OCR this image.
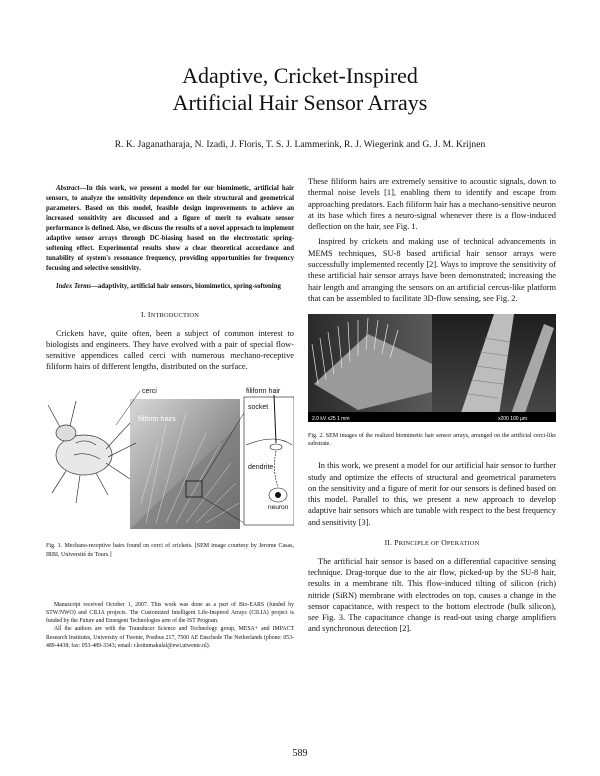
Adaptive, Cricket-Inspired
Artificial Hair Sensor Arrays
R. K. Jaganatharaja, N. Izadi, J. Floris, T. S. J. Lammerink, R. J. Wiegerink and G. J. M. Krijnen

Abstract—In this work, we present a model for our biomimetic, artificial hair sensors, to analyze the sensitivity dependence on their structural and geometrical parameters. Based on this model, feasible design improvements to achieve an increased sensitivity are discussed and a figure of merit to evaluate sensor performance is defined. Also, we discuss the results of a novel approach to implement adaptive sensor arrays through DC-biasing based on the electrostatic spring-softening effect. Experimental results show a clear theoretical accordance and tunability of system's resonance frequency, providing opportunities for frequency focusing and selective sensitivity.

Index Terms—adaptivity, artificial hair sensors, biomimetics, spring-softening

I. INTRODUCTION

Crickets have, quite often, been a subject of common interest to biologists and engineers. They have evolved with a pair of special flow-sensitive appendices called cerci with numerous mechano-receptive filiform hairs of different lengths, distributed on the surface.

cerci
filiform hairs
filiform hair
socket
dendrite
neuron

Fig. 1. Mechano-receptive hairs found on cerci of crickets. [SEM image courtesy by Jerome Casas, IRBI, Université de Tours.]

Manuscript received October 1, 2007. This work was done as a part of Bio-EARS (funded by STW/NWO) and CILIA projects. The Customized Intelligent Life-Inspired Arrays (CILIA) project is funded by the Future and Emergent Technologies arm of the IST Program.

All the authors are with the Transducer Science and Technology group, MESA+ and IMPACT Research Institutes, University of Twente, Postbus 217, 7500 AE Enschede The Netherlands (phone: 053-489-4438; fax: 053-489-3343; email: r.kottumakulal@ewi.utwente.nl).

These filiform hairs are extremely sensitive to acoustic signals, down to thermal noise levels [1], enabling them to identify and escape from approaching predators. Each filiform hair has a mechano-sensitive neuron at its base which fires a neuro-signal whenever there is a flow-induced deflection on the hair, see Fig. 1.

Inspired by crickets and making use of technical advancements in MEMS techniques, SU-8 based artificial hair sensor arrays were successfully implemented recently [2]. Ways to improve the sensitivity of these artificial hair sensor arrays have been demonstrated; increasing the hair length and arranging the sensors on an artificial cercus-like platform that can be assembled to facilitate 3D-flow sensing, see Fig. 2.

2.0 kV x25 1 mm	x200 100 µm

Fig. 2. SEM images of the realized biomimetic hair sensor arrays, arranged on the artificial cerci-like substrate.

In this work, we present a model for our artificial hair sensor to further study and optimize the effects of structural and geometrical parameters on the sensitivity and a figure of merit for our sensors is defined based on this model. Parallel to this, we present a new approach to develop adaptive hair sensors which are tunable with respect to the best frequency and sensitivity [3].

II. PRINCIPLE OF OPERATION

The artificial hair sensor is based on a differential capacitive sensing technique. Drag-torque due to the air flow, picked-up by the SU-8 hair, results in a membrane tilt. This flow-induced tilting of silicon (rich) nitride (SiRN) membrane with electrodes on top, causes a change in the sensor capacitance, with respect to the bottom electrode (bulk silicon), see Fig. 3. The capacitance change is read-out using charge amplifiers and synchronous detection [2].

589
